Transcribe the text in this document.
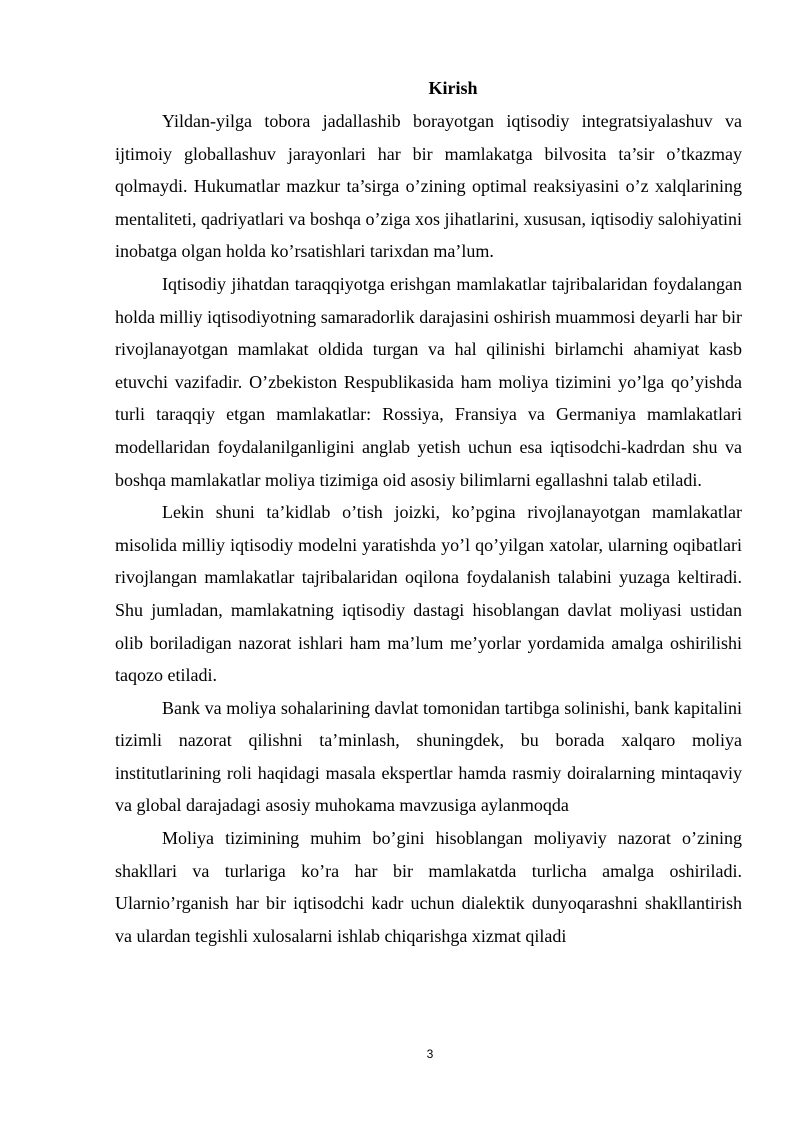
Kirish

Yildan-yilga tobora jadallashib borayotgan iqtisodiy integratsiyalashuv va ijtimoiy globallashuv jarayonlari har bir mamlakatga bilvosita ta’sir o’tkazmay qolmaydi. Hukumatlar mazkur ta’sirga o’zining optimal reaksiyasini o’z xalqlarining mentaliteti, qadriyatlari va boshqa o’ziga xos jihatlarini, xususan, iqtisodiy salohiyatini inobatga olgan holda ko’rsatishlari tarixdan ma’lum.

Iqtisodiy jihatdan taraqqiyotga erishgan mamlakatlar tajribalaridan foydalangan holda milliy iqtisodiyotning samaradorlik darajasini oshirish muammosi deyarli har bir rivojlanayotgan mamlakat oldida turgan va hal qilinishi birlamchi ahamiyat kasb etuvchi vazifadir. O’zbekiston Respublikasida ham moliya tizimini yo’lga qo’yishda turli taraqqiy etgan mamlakatlar: Rossiya, Fransiya va Germaniya mamlakatlari modellaridan foydalanilganligini anglab yetish uchun esa iqtisodchi-kadrdan shu va boshqa mamlakatlar moliya tizimiga oid asosiy bilimlarni egallashni talab etiladi.

Lekin shuni ta’kidlab o’tish joizki, ko’pgina rivojlanayotgan mamlakatlar misolida milliy iqtisodiy modelni yaratishda yo’l qo’yilgan xatolar, ularning oqibatlari rivojlangan mamlakatlar tajribalaridan oqilona foydalanish talabini yuzaga keltiradi. Shu jumladan, mamlakatning iqtisodiy dastagi hisoblangan davlat moliyasi ustidan olib boriladigan nazorat ishlari ham ma’lum me’yorlar yordamida amalga oshirilishi taqozo etiladi.

Bank va moliya sohalarining davlat tomonidan tartibga solinishi, bank kapitalini tizimli nazorat qilishni ta’minlash, shuningdek, bu borada xalqaro moliya institutlarining roli haqidagi masala ekspertlar hamda rasmiy doiralarning mintaqaviy va global darajadagi asosiy muhokama mavzusiga aylanmoqda

Moliya tizimining muhim bo’gini hisoblangan moliyaviy nazorat o’zining shakllari va turlariga ko’ra har bir mamlakatda turlicha amalga oshiriladi. Ularnio’rganish har bir iqtisodchi kadr uchun dialektik dunyoqarashni shakllantirish va ulardan tegishli xulosalarni ishlab chiqarishga xizmat qiladi

3
